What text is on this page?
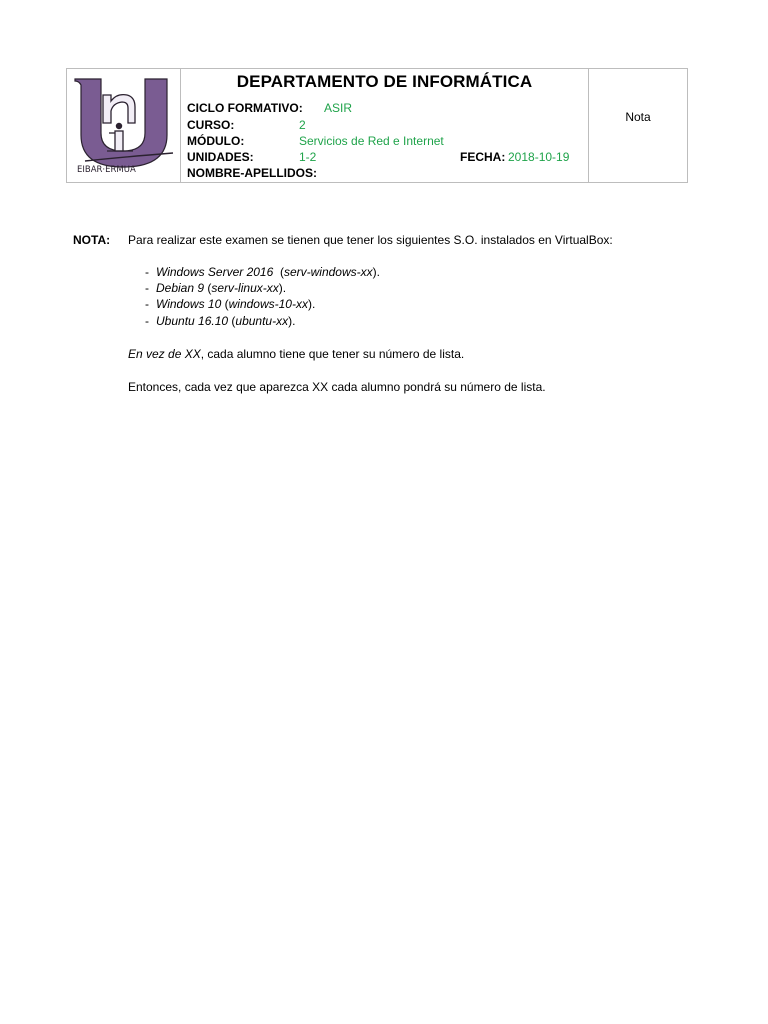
EIBAR·ERMUA
DEPARTAMENTO DE INFORMÁTICA
CICLO FORMATIVO: ASIR
CURSO:	2
MÓDULO:	Servicios de Red e Internet
UNIDADES:	1-2	FECHA: 2018-10-19
NOMBRE-APELLIDOS:
Nota
NOTA: Para realizar este examen se tienen que tener los siguientes S.O. instalados en VirtualBox:
- Windows Server 2016  (serv-windows-xx).
- Debian 9 (serv-linux-xx).
- Windows 10 (windows-10-xx).
- Ubuntu 16.10 (ubuntu-xx).
En vez de XX, cada alumno tiene que tener su número de lista.
Entonces, cada vez que aparezca XX cada alumno pondrá su número de lista.
